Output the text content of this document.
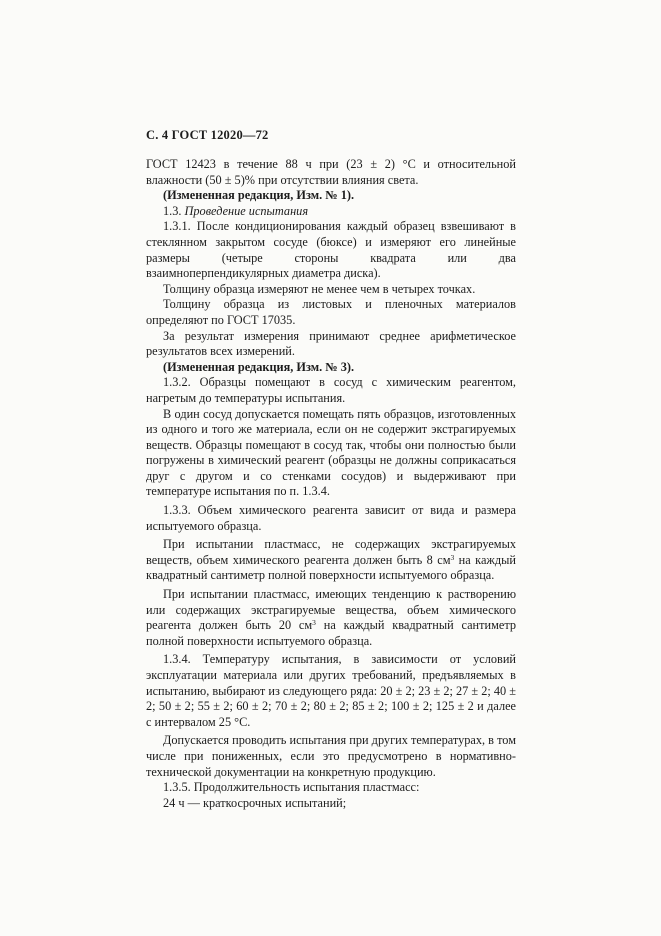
С. 4 ГОСТ 12020—72

ГОСТ 12423 в течение 88 ч при (23 ± 2) °С и относительной влажности (50 ± 5)% при отсутствии влияния света.

(Измененная редакция, Изм. № 1).

1.3. Проведение испытания

1.3.1. После кондиционирования каждый образец взвешивают в стеклянном закрытом сосуде (бюксе) и измеряют его линейные размеры (четыре стороны квадрата или два взаимноперпендикулярных диаметра диска).

Толщину образца измеряют не менее чем в четырех точках.

Толщину образца из листовых и пленочных материалов определяют по ГОСТ 17035.

За результат измерения принимают среднее арифметическое результатов всех измерений.

(Измененная редакция, Изм. № 3).

1.3.2. Образцы помещают в сосуд с химическим реагентом, нагретым до температуры испытания.

В один сосуд допускается помещать пять образцов, изготовленных из одного и того же материала, если он не содержит экстрагируемых веществ. Образцы помещают в сосуд так, чтобы они полностью были погружены в химический реагент (образцы не должны соприкасаться друг с другом и со стенками сосудов) и выдерживают при температуре испытания по п. 1.3.4.

1.3.3. Объем химического реагента зависит от вида и размера испытуемого образца.

При испытании пластмасс, не содержащих экстрагируемых веществ, объем химического реагента должен быть 8 $см^3$ на каждый квадратный сантиметр полной поверхности испытуемого образца.

При испытании пластмасс, имеющих тенденцию к растворению или содержащих экстрагируемые вещества, объем химического реагента должен быть 20 $см^3$ на каждый квадратный сантиметр полной поверхности испытуемого образца.

1.3.4. Температуру испытания, в зависимости от условий эксплуатации материала или других требований, предъявляемых в испытанию, выбирают из следующего ряда: 20 ± 2; 23 ± 2; 27 ± 2; 40 ± 2; 50 ± 2; 55 ± 2; 60 ± 2; 70 ± 2; 80 ± 2; 85 ± 2; 100 ± 2; 125 ± 2 и далее с интервалом 25 °С.

Допускается проводить испытания при других температурах, в том числе при пониженных, если это предусмотрено в нормативно-технической документации на конкретную продукцию.

1.3.5. Продолжительность испытания пластмасс:

24 ч — краткосрочных испытаний;
